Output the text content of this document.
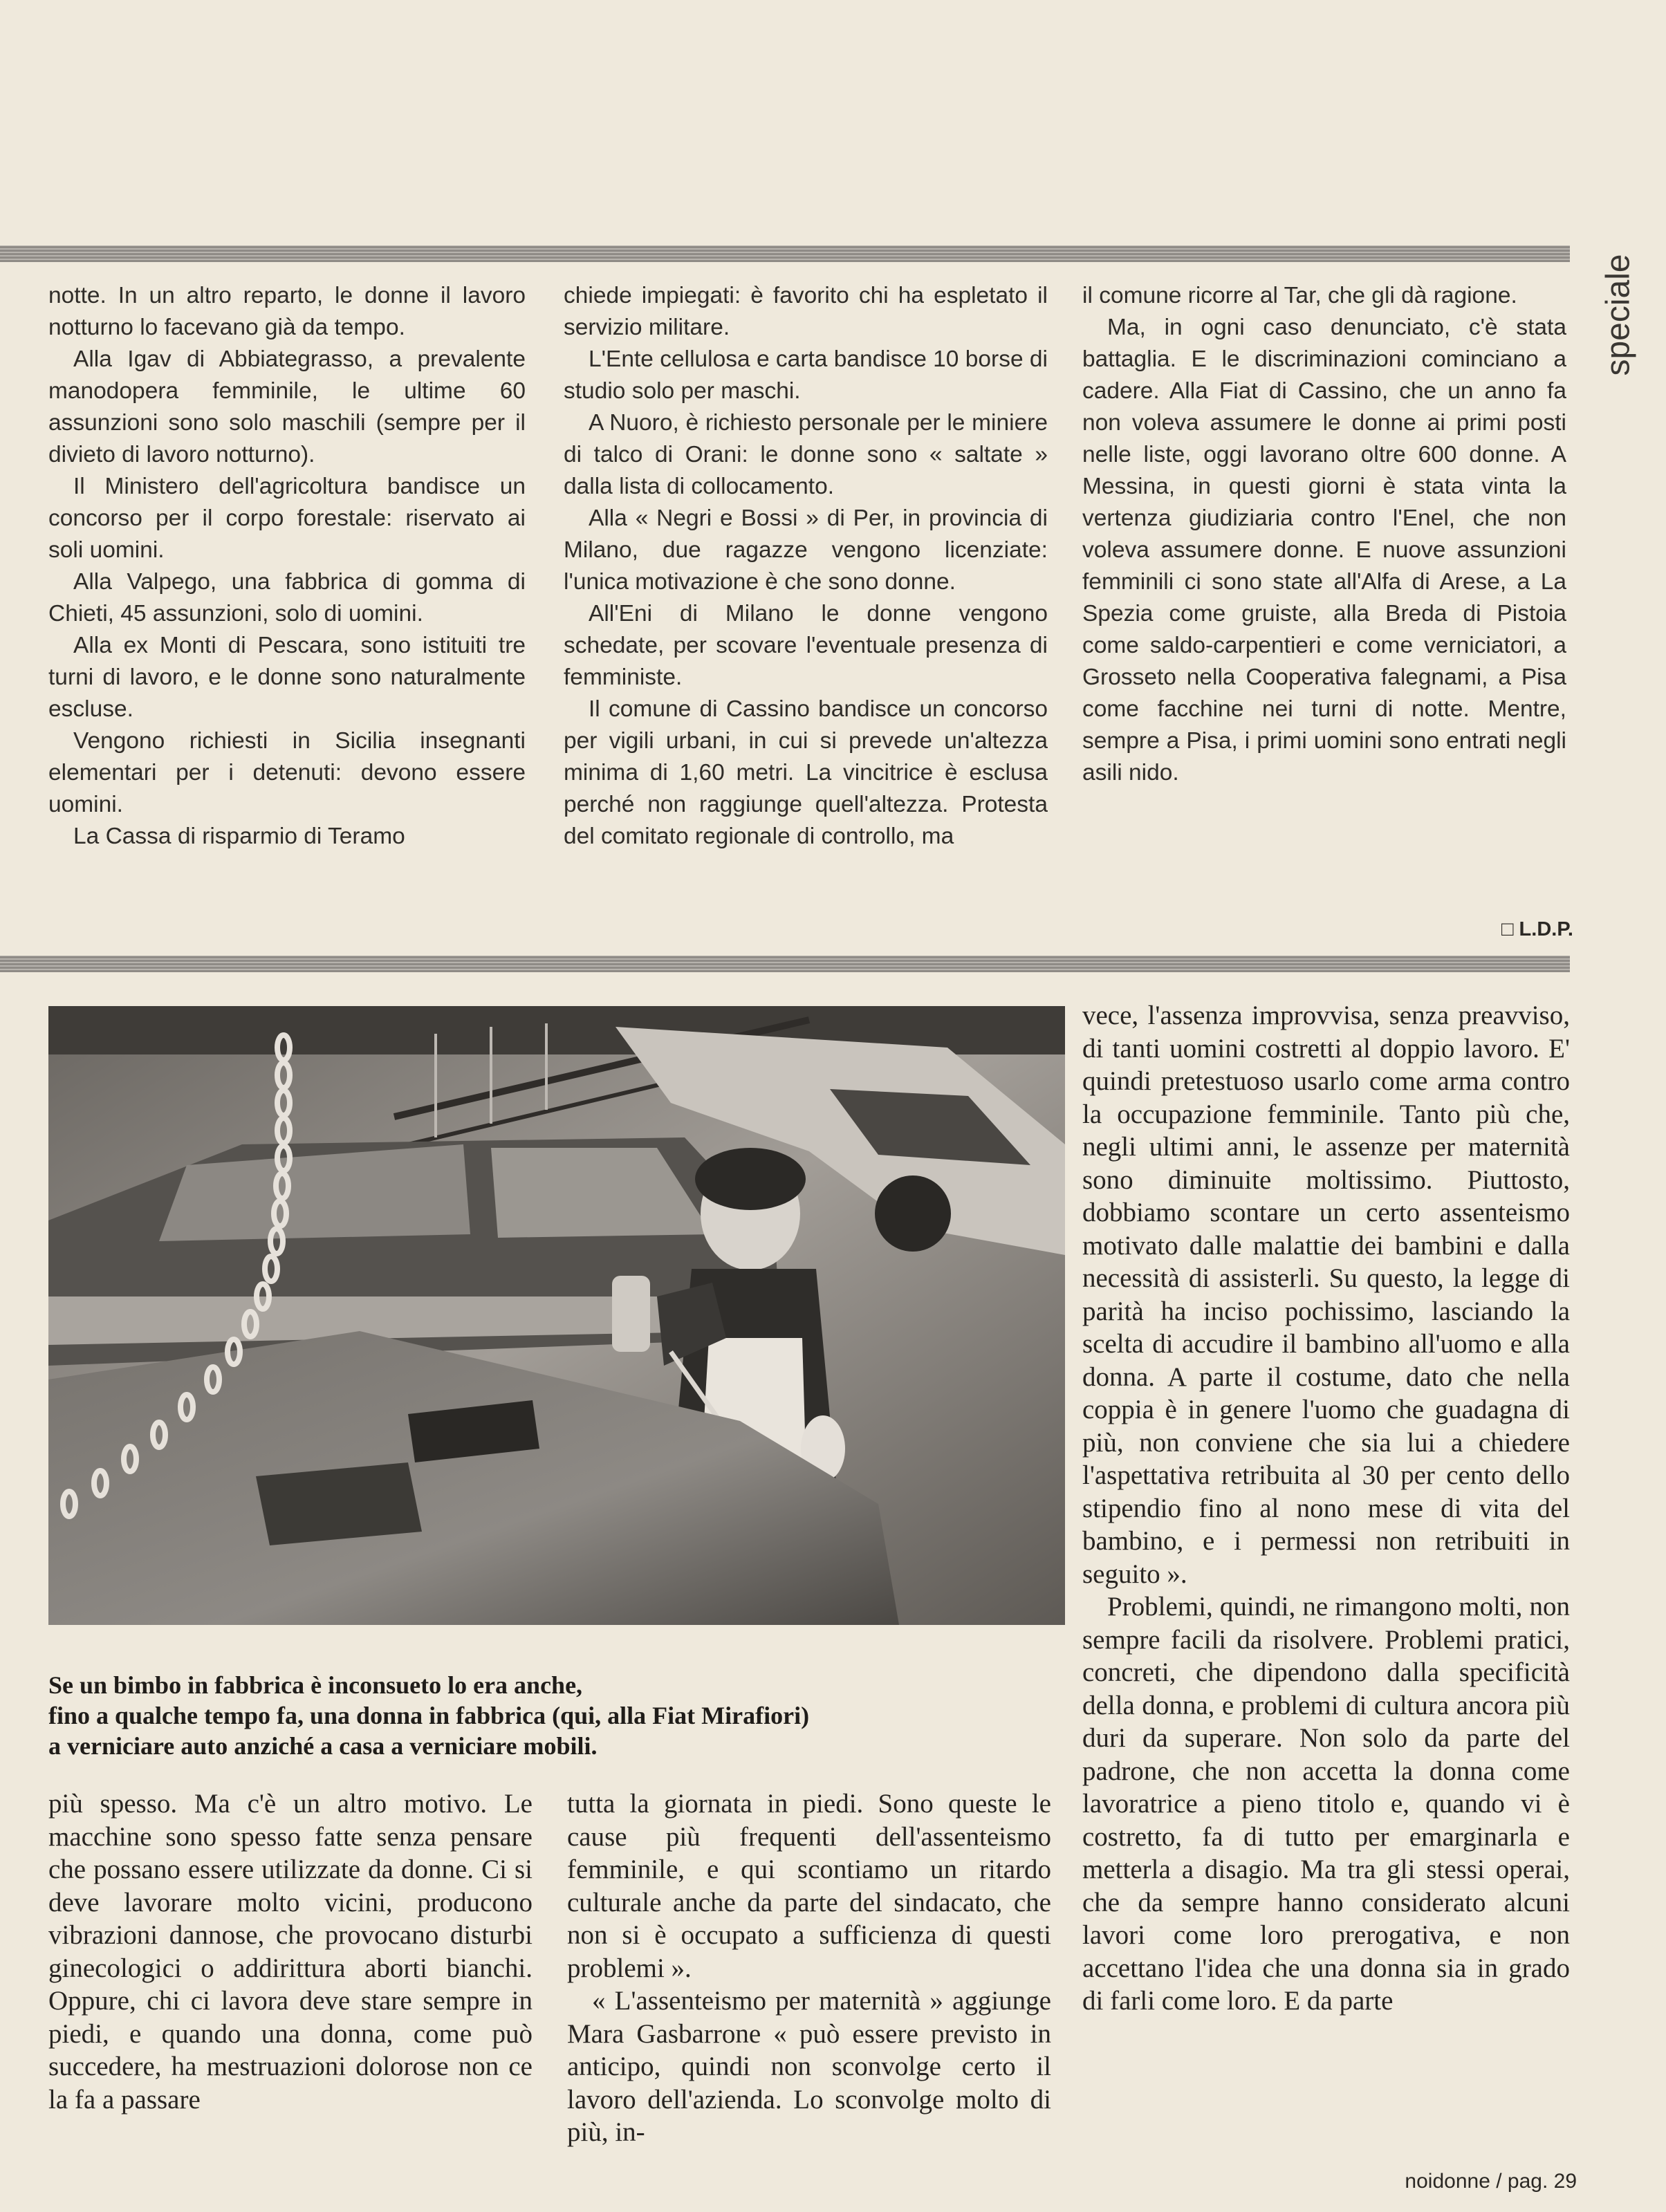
speciale

notte. In un altro reparto, le donne il lavoro notturno lo facevano già da tempo.

Alla Igav di Abbiategrasso, a prevalente manodopera femminile, le ultime 60 assunzioni sono solo maschili (sempre per il divieto di lavoro notturno).

Il Ministero dell'agricoltura bandisce un concorso per il corpo forestale: riservato ai soli uomini.

Alla Valpego, una fabbrica di gomma di Chieti, 45 assunzioni, solo di uomini.

Alla ex Monti di Pescara, sono istituiti tre turni di lavoro, e le donne sono naturalmente escluse.

Vengono richiesti in Sicilia insegnanti elementari per i detenuti: devono essere uomini.

La Cassa di risparmio di Teramo

chiede impiegati: è favorito chi ha espletato il servizio militare.

L'Ente cellulosa e carta bandisce 10 borse di studio solo per maschi.

A Nuoro, è richiesto personale per le miniere di talco di Orani: le donne sono « saltate » dalla lista di collocamento.

Alla « Negri e Bossi » di Per, in provincia di Milano, due ragazze vengono licenziate: l'unica motivazione è che sono donne.

All'Eni di Milano le donne vengono schedate, per scovare l'eventuale presenza di femministe.

Il comune di Cassino bandisce un concorso per vigili urbani, in cui si prevede un'altezza minima di 1,60 metri. La vincitrice è esclusa perché non raggiunge quell'altezza. Protesta del comitato regionale di controllo, ma

il comune ricorre al Tar, che gli dà ragione.

Ma, in ogni caso denunciato, c'è stata battaglia. E le discriminazioni cominciano a cadere. Alla Fiat di Cassino, che un anno fa non voleva assumere le donne ai primi posti nelle liste, oggi lavorano oltre 600 donne. A Messina, in questi giorni è stata vinta la vertenza giudiziaria contro l'Enel, che non voleva assumere donne. E nuove assunzioni femminili ci sono state all'Alfa di Arese, a La Spezia come gruiste, alla Breda di Pistoia come saldo-carpentieri e come verniciatori, a Grosseto nella Cooperativa falegnami, a Pisa come facchine nei turni di notte. Mentre, sempre a Pisa, i primi uomini sono entrati negli asili nido.

□ L.D.P.
Se un bimbo in fabbrica è inconsueto lo era anche,
fino a qualche tempo fa, una donna in fabbrica (qui, alla Fiat Mirafiori)
a verniciare auto anziché a casa a verniciare mobili.

vece, l'assenza improvvisa, senza preavviso, di tanti uomini costretti al doppio lavoro. E' quindi pretestuoso usarlo come arma contro la occupazione femminile. Tanto più che, negli ultimi anni, le assenze per maternità sono diminuite moltissimo. Piuttosto, dobbiamo scontare un certo assenteismo motivato dalle malattie dei bambini e dalla necessità di assisterli. Su questo, la legge di parità ha inciso pochissimo, lasciando la scelta di accudire il bambino all'uomo e alla donna. A parte il costume, dato che nella coppia è in genere l'uomo che guadagna di più, non conviene che sia lui a chiedere l'aspettativa retribuita al 30 per cento dello stipendio fino al nono mese di vita del bambino, e i permessi non retribuiti in seguito ».

Problemi, quindi, ne rimangono molti, non sempre facili da risolvere. Problemi pratici, concreti, che dipendono dalla specificità della donna, e problemi di cultura ancora più duri da superare. Non solo da parte del padrone, che non accetta la donna come lavoratrice a pieno titolo e, quando vi è costretto, fa di tutto per emarginarla e metterla a disagio. Ma tra gli stessi operai, che da sempre hanno considerato alcuni lavori come loro prerogativa, e non accettano l'idea che una donna sia in grado di farli come loro. E da parte

più spesso. Ma c'è un altro motivo. Le macchine sono spesso fatte senza pensare che possano essere utilizzate da donne. Ci si deve lavorare molto vicini, producono vibrazioni dannose, che provocano disturbi ginecologici o addirittura aborti bianchi. Oppure, chi ci lavora deve stare sempre in piedi, e quando una donna, come può succedere, ha mestruazioni dolorose non ce la fa a passare

tutta la giornata in piedi. Sono queste le cause più frequenti dell'assenteismo femminile, e qui scontiamo un ritardo culturale anche da parte del sindacato, che non si è occupato a sufficienza di questi problemi ».

« L'assenteismo per maternità » aggiunge Mara Gasbarrone « può essere previsto in anticipo, quindi non sconvolge certo il lavoro dell'azienda. Lo sconvolge molto di più, in-

noidonne / pag. 29
